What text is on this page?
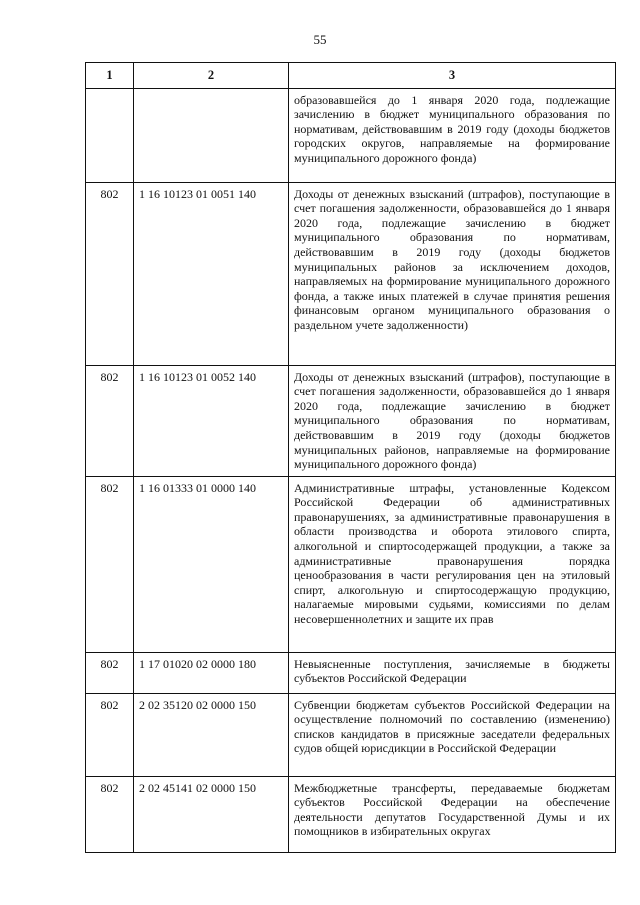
55
1	2	3
		образовавшейся до 1 января 2020 года, подлежащие зачислению в бюджет муниципального образования по нормативам, действовавшим в 2019 году (доходы бюджетов городских округов, направляемые на формирование муниципального дорожного фонда)
802	1 16 10123 01 0051 140	Доходы от денежных взысканий (штрафов), поступающие в счет погашения задолженности, образовавшейся до 1 января 2020 года, подлежащие зачислению в бюджет муниципального образования по нормативам, действовавшим в 2019 году (доходы бюджетов муниципальных районов за исключением доходов, направляемых на формирование муниципального дорожного фонда, а также иных платежей в случае принятия решения финансовым органом муниципального образования о раздельном учете задолженности)
802	1 16 10123 01 0052 140	Доходы от денежных взысканий (штрафов), поступающие в счет погашения задолженности, образовавшейся до 1 января 2020 года, подлежащие зачислению в бюджет муниципального образования по нормативам, действовавшим в 2019 году (доходы бюджетов муниципальных районов, направляемые на формирование муниципального дорожного фонда)
802	1 16 01333 01 0000 140	Административные штрафы, установленные Кодексом Российской Федерации об административных правонарушениях, за административные правонарушения в области производства и оборота этилового спирта, алкогольной и спиртосодержащей продукции, а также за административные правонарушения порядка ценообразования в части регулирования цен на этиловый спирт, алкогольную и спиртосодержащую продукцию, налагаемые мировыми судьями, комиссиями по делам несовершеннолетних и защите их прав
802	1 17 01020 02 0000 180	Невыясненные поступления, зачисляемые в бюджеты субъектов Российской Федерации
802	2 02 35120 02 0000 150	Субвенции бюджетам субъектов Российской Федерации на осуществление полномочий по составлению (изменению) списков кандидатов в присяжные заседатели федеральных судов общей юрисдикции в Российской Федерации
802	2 02 45141 02 0000 150	Межбюджетные трансферты, передаваемые бюджетам субъектов Российской Федерации на обеспечение деятельности депутатов Государственной Думы и их помощников в избирательных округах
